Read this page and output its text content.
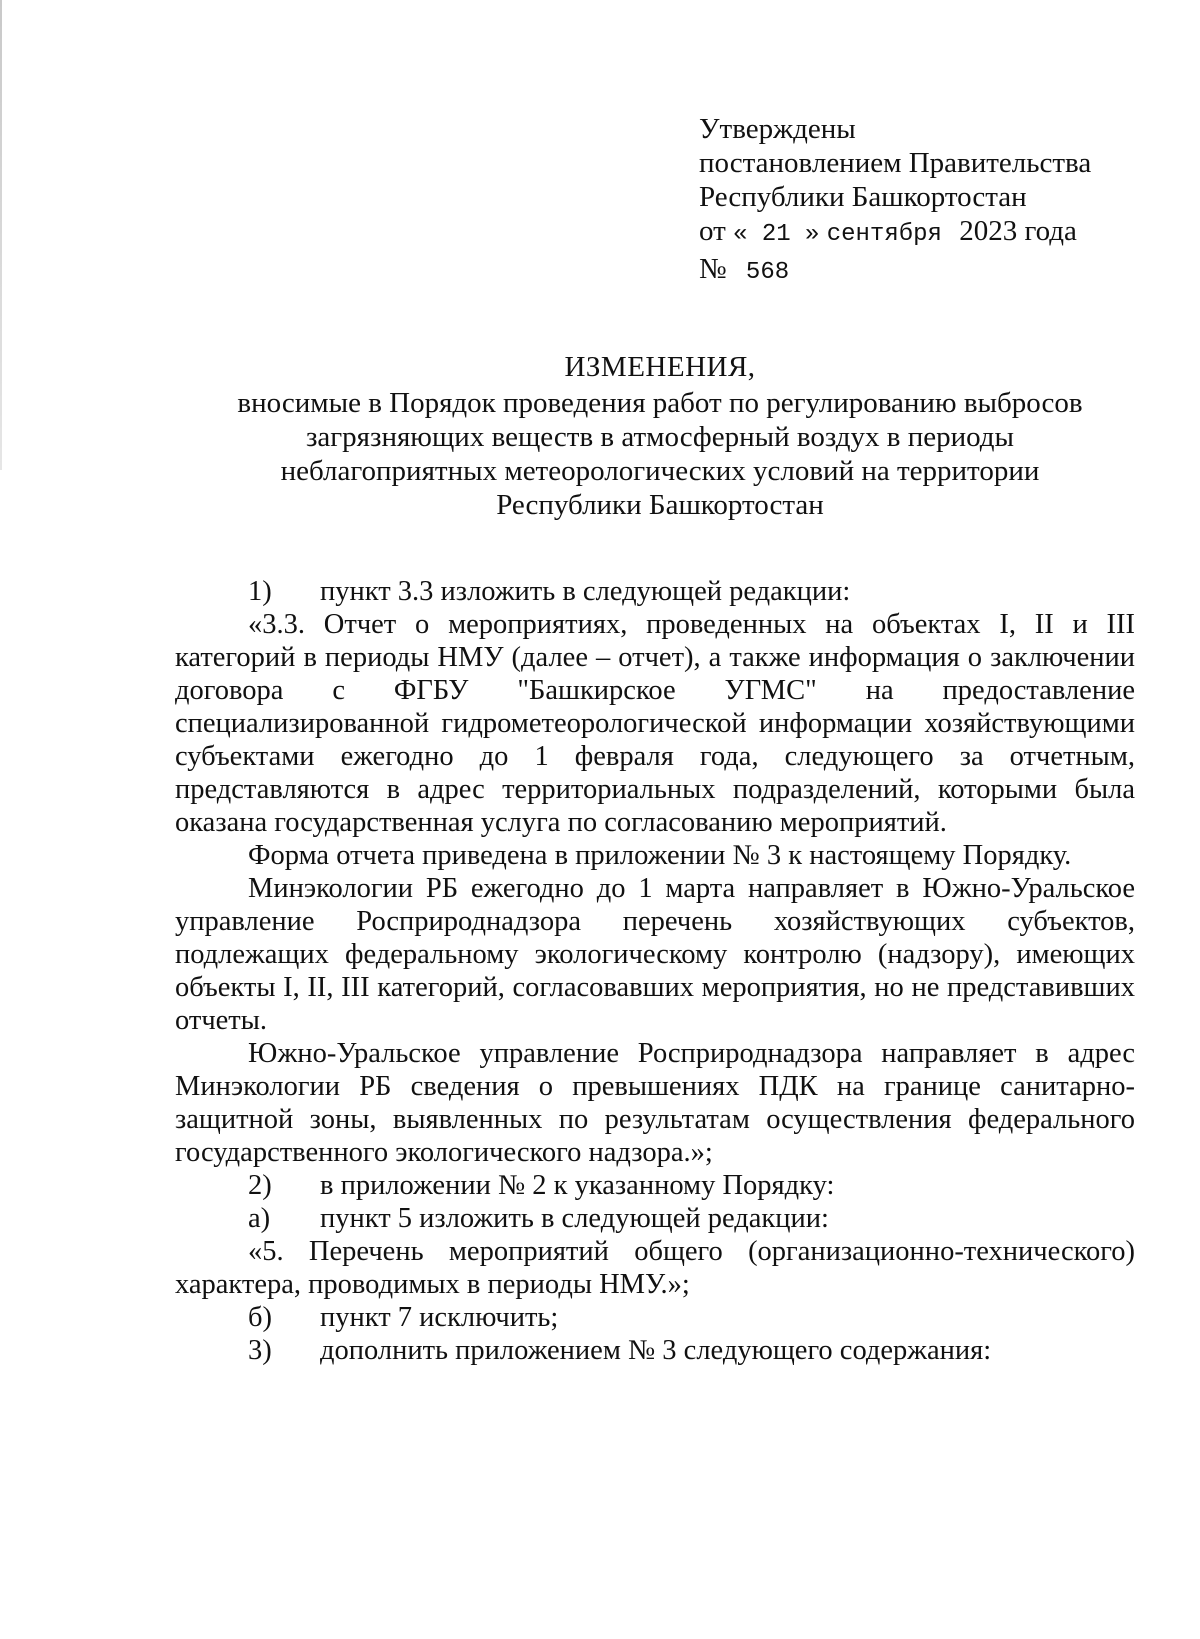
Утверждены
постановлением Правительства
Республики Башкортостан
от « 21 » сентября 2023 года
№ 568
ИЗМЕНЕНИЯ,
вносимые в Порядок проведения работ по регулированию выбросов
загрязняющих веществ в атмосферный воздух в периоды
неблагоприятных метеорологических условий на территории
Республики Башкортостан

1) пункт 3.3 изложить в следующей редакции:

«3.3. Отчет о мероприятиях, проведенных на объектах I, II и III категорий в периоды НМУ (далее – отчет), а также информация о заключении договора с ФГБУ "Башкирское УГМС" на предоставление специализированной гидрометеорологической информации хозяйствующими субъектами ежегодно до 1 февраля года, следующего за отчетным, представляются в адрес территориальных подразделений, которыми была оказана государственная услуга по согласованию мероприятий.

Форма отчета приведена в приложении № 3 к настоящему Порядку.

Минэкологии РБ ежегодно до 1 марта направляет в Южно-Уральское управление Росприроднадзора перечень хозяйствующих субъектов, подлежащих федеральному экологическому контролю (надзору), имеющих объекты I, II, III категорий, согласовавших мероприятия, но не представивших отчеты.

Южно-Уральское управление Росприроднадзора направляет в адрес Минэкологии РБ сведения о превышениях ПДК на границе санитарно-защитной зоны, выявленных по результатам осуществления федерального государственного экологического надзора.»;

2) в приложении № 2 к указанному Порядку:

а) пункт 5 изложить в следующей редакции:

«5. Перечень мероприятий общего (организационно-технического) характера, проводимых в периоды НМУ.»;

б) пункт 7 исключить;

3) дополнить приложением № 3 следующего содержания:
